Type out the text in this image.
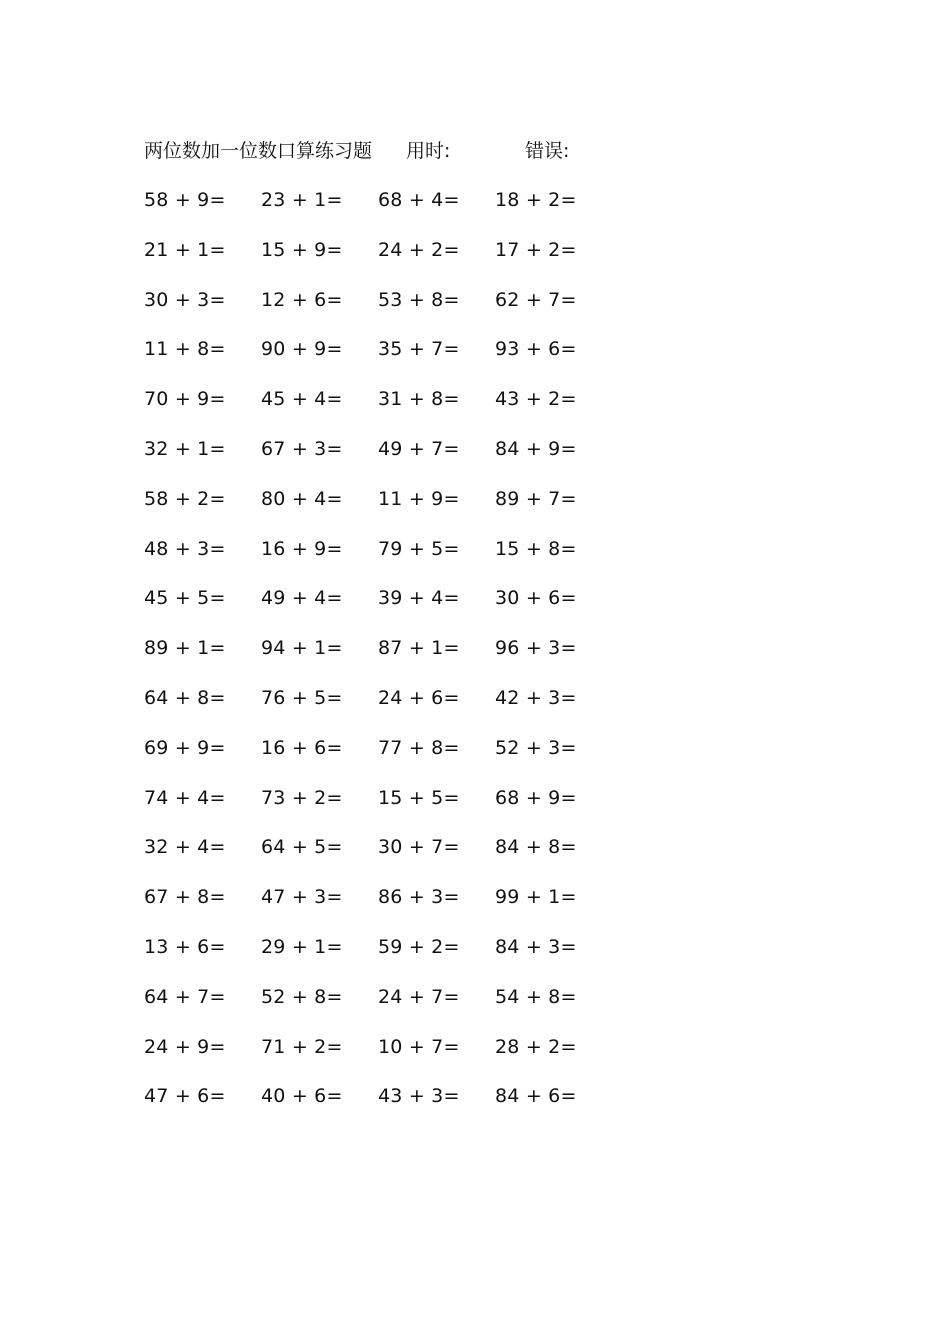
两位数加一位数口算练习题 用时:	错误:
58 + 9= 23 + 1= 68 + 4= 18 + 2=
21 + 1= 15 + 9= 24 + 2= 17 + 2=
30 + 3= 12 + 6= 53 + 8= 62 + 7=
11 + 8= 90 + 9= 35 + 7= 93 + 6=
70 + 9= 45 + 4= 31 + 8= 43 + 2=
32 + 1= 67 + 3= 49 + 7= 84 + 9=
58 + 2= 80 + 4= 11 + 9= 89 + 7=
48 + 3= 16 + 9= 79 + 5= 15 + 8=
45 + 5= 49 + 4= 39 + 4= 30 + 6=
89 + 1= 94 + 1= 87 + 1= 96 + 3=
64 + 8= 76 + 5= 24 + 6= 42 + 3=
69 + 9= 16 + 6= 77 + 8= 52 + 3=
74 + 4= 73 + 2= 15 + 5= 68 + 9=
32 + 4= 64 + 5= 30 + 7= 84 + 8=
67 + 8= 47 + 3= 86 + 3= 99 + 1=
13 + 6= 29 + 1= 59 + 2= 84 + 3=
64 + 7= 52 + 8= 24 + 7= 54 + 8=
24 + 9= 71 + 2= 10 + 7= 28 + 2=
47 + 6= 40 + 6= 43 + 3= 84 + 6=
